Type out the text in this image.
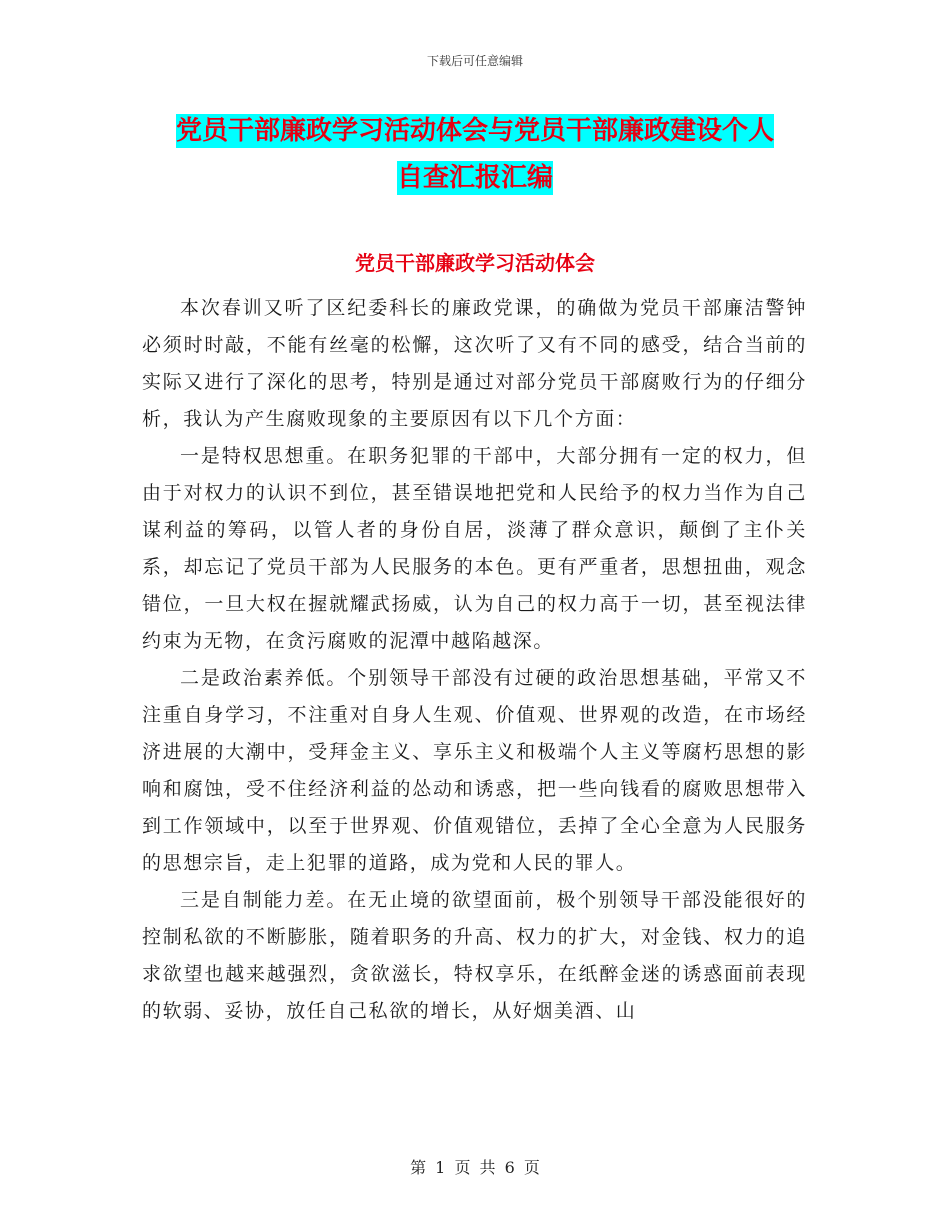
下载后可任意编辑
党员干部廉政学习活动体会与党员干部廉政建设个人
自查汇报汇编
党员干部廉政学习活动体会

本次春训又听了区纪委科长的廉政党课，的确做为党员干部廉洁警钟必须时时敲，不能有丝毫的松懈，这次听了又有不同的感受，结合当前的实际又进行了深化的思考，特别是通过对部分党员干部腐败行为的仔细分析，我认为产生腐败现象的主要原因有以下几个方面：

一是特权思想重。在职务犯罪的干部中，大部分拥有一定的权力，但由于对权力的认识不到位，甚至错误地把党和人民给予的权力当作为自己谋利益的筹码，以管人者的身份自居，淡薄了群众意识，颠倒了主仆关系，却忘记了党员干部为人民服务的本色。更有严重者，思想扭曲，观念错位，一旦大权在握就耀武扬威，认为自己的权力高于一切，甚至视法律约束为无物，在贪污腐败的泥潭中越陷越深。

二是政治素养低。个别领导干部没有过硬的政治思想基础，平常又不注重自身学习，不注重对自身人生观、价值观、世界观的改造，在市场经济进展的大潮中，受拜金主义、享乐主义和极端个人主义等腐朽思想的影响和腐蚀，受不住经济利益的怂动和诱惑，把一些向钱看的腐败思想带入到工作领域中，以至于世界观、价值观错位，丢掉了全心全意为人民服务的思想宗旨，走上犯罪的道路，成为党和人民的罪人。

三是自制能力差。在无止境的欲望面前，极个别领导干部没能很好的控制私欲的不断膨胀，随着职务的升高、权力的扩大，对金钱、权力的追求欲望也越来越强烈，贪欲滋长，特权享乐，在纸醉金迷的诱惑面前表现的软弱、妥协，放任自己私欲的增长，从好烟美酒、山

第 1 页 共 6 页
